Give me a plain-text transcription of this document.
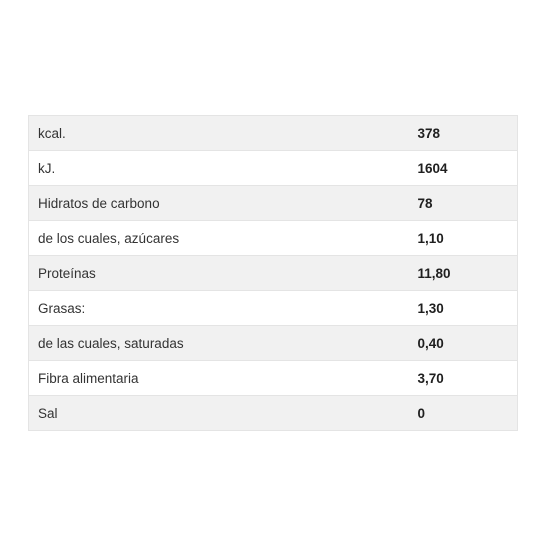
kcal.	378
kJ.	1604
Hidratos de carbono	78
de los cuales, azúcares	1,10
Proteínas	11,80
Grasas:	1,30
de las cuales, saturadas	0,40
Fibra alimentaria	3,70
Sal	0
